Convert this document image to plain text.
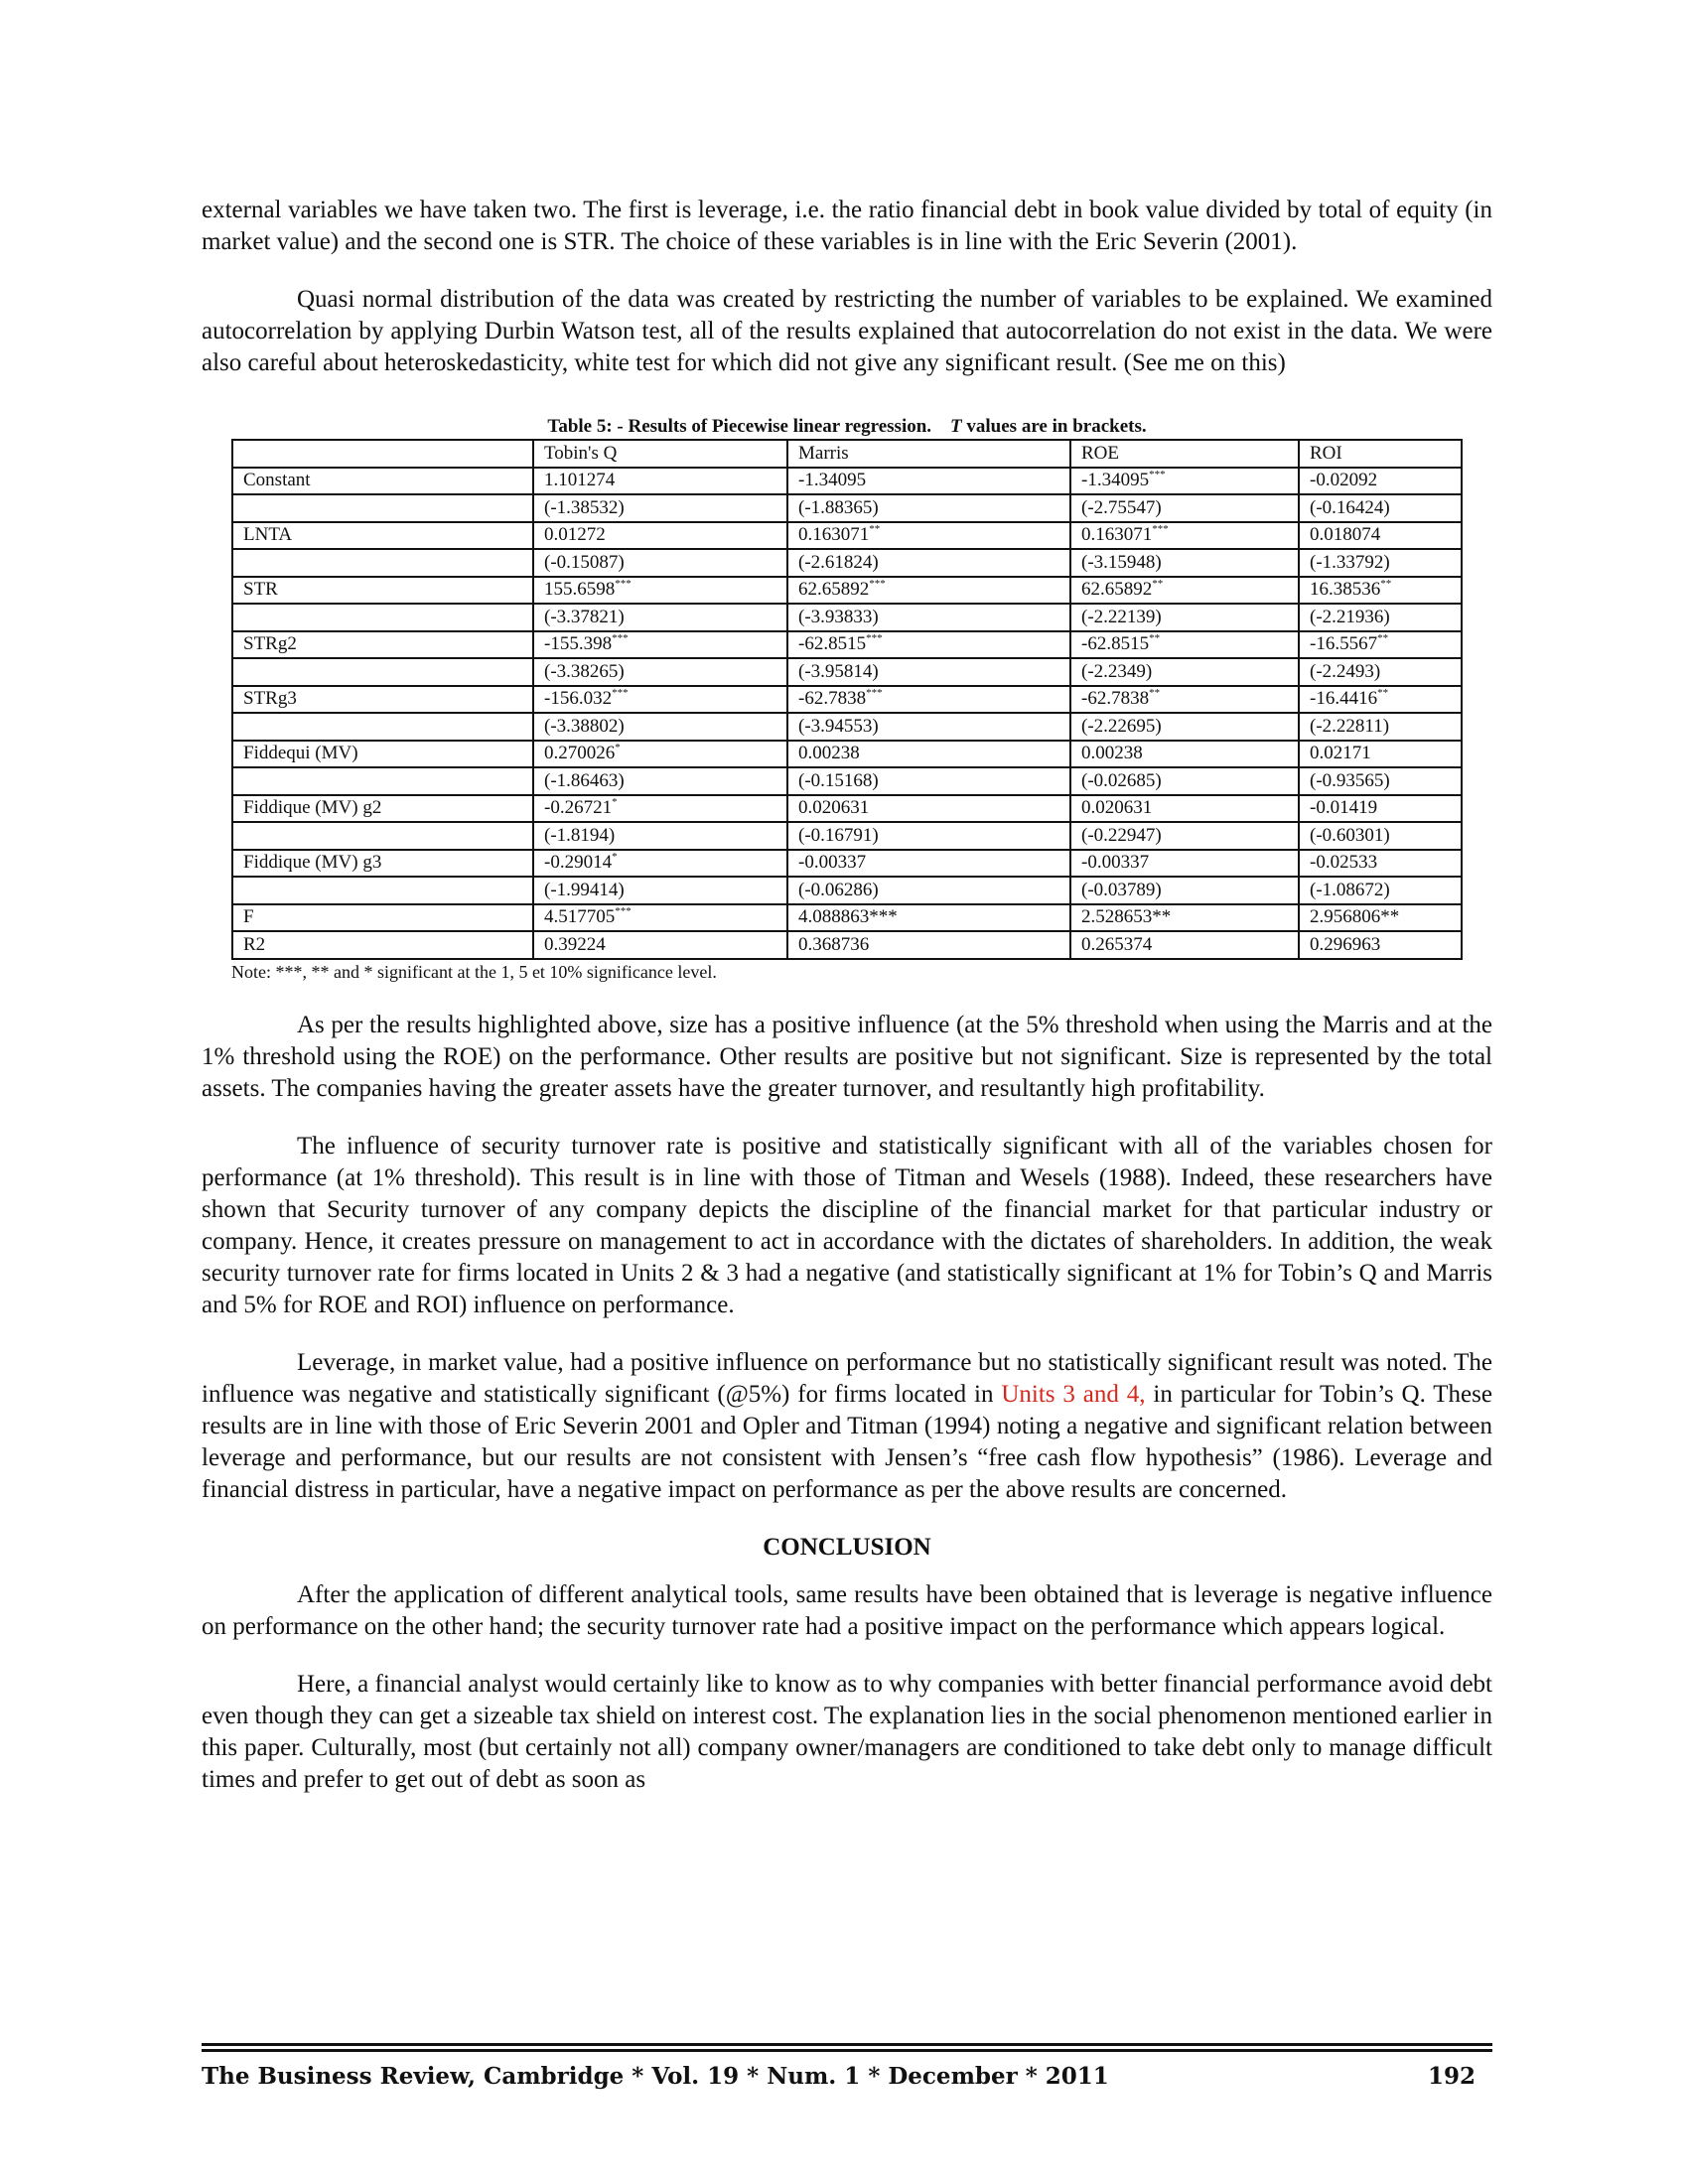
external variables we have taken two. The first is leverage, i.e. the ratio financial debt in book value divided by total of equity (in market value) and the second one is STR. The choice of these variables is in line with the Eric Severin (2001).

Quasi normal distribution of the data was created by restricting the number of variables to be explained. We examined autocorrelation by applying Durbin Watson test, all of the results explained that autocorrelation do not exist in the data. We were also careful about heteroskedasticity, white test for which did not give any significant result. (See me on this)

Table 5: - Results of Piecewise linear regression. T values are in brackets.
	Tobin's Q	Marris	ROE	ROI
Constant	1.101274	-1.34095	-1.34095***	-0.02092
	(-1.38532)	(-1.88365)	(-2.75547)	(-0.16424)
LNTA	0.01272	0.163071**	0.163071***	0.018074
	(-0.15087)	(-2.61824)	(-3.15948)	(-1.33792)
STR	155.6598***	62.65892***	62.65892**	16.38536**
	(-3.37821)	(-3.93833)	(-2.22139)	(-2.21936)
STRg2	-155.398***	-62.8515***	-62.8515**	-16.5567**
	(-3.38265)	(-3.95814)	(-2.2349)	(-2.2493)
STRg3	-156.032***	-62.7838***	-62.7838**	-16.4416**
	(-3.38802)	(-3.94553)	(-2.22695)	(-2.22811)
Fiddequi (MV)	0.270026*	0.00238	0.00238	0.02171
	(-1.86463)	(-0.15168)	(-0.02685)	(-0.93565)
Fiddique (MV) g2	-0.26721*	0.020631	0.020631	-0.01419
	(-1.8194)	(-0.16791)	(-0.22947)	(-0.60301)
Fiddique (MV) g3	-0.29014*	-0.00337	-0.00337	-0.02533
	(-1.99414)	(-0.06286)	(-0.03789)	(-1.08672)
F	4.517705***	4.088863***	2.528653**	2.956806**
R2	0.39224	0.368736	0.265374	0.296963
Note: ***, ** and * significant at the 1, 5 et 10% significance level.

As per the results highlighted above, size has a positive influence (at the 5% threshold when using the Marris and at the 1% threshold using the ROE) on the performance. Other results are positive but not significant. Size is represented by the total assets. The companies having the greater assets have the greater turnover, and resultantly high profitability.

The influence of security turnover rate is positive and statistically significant with all of the variables chosen for performance (at 1% threshold). This result is in line with those of Titman and Wesels (1988). Indeed, these researchers have shown that Security turnover of any company depicts the discipline of the financial market for that particular industry or company. Hence, it creates pressure on management to act in accordance with the dictates of shareholders. In addition, the weak security turnover rate for firms located in Units 2 & 3 had a negative (and statistically significant at 1% for Tobin’s Q and Marris and 5% for ROE and ROI) influence on performance.

Leverage, in market value, had a positive influence on performance but no statistically significant result was noted. The influence was negative and statistically significant (@5%) for firms located in Units 3 and 4, in particular for Tobin’s Q. These results are in line with those of Eric Severin 2001 and Opler and Titman (1994) noting a negative and significant relation between leverage and performance, but our results are not consistent with Jensen’s “free cash flow hypothesis” (1986). Leverage and financial distress in particular, have a negative impact on performance as per the above results are concerned.

CONCLUSION

After the application of different analytical tools, same results have been obtained that is leverage is negative influence on performance on the other hand; the security turnover rate had a positive impact on the performance which appears logical.

Here, a financial analyst would certainly like to know as to why companies with better financial performance avoid debt even though they can get a sizeable tax shield on interest cost. The explanation lies in the social phenomenon mentioned earlier in this paper. Culturally, most (but certainly not all) company owner/managers are conditioned to take debt only to manage difficult times and prefer to get out of debt as soon as

The Business Review, Cambridge * Vol. 19 * Num. 1 * December * 2011	192
